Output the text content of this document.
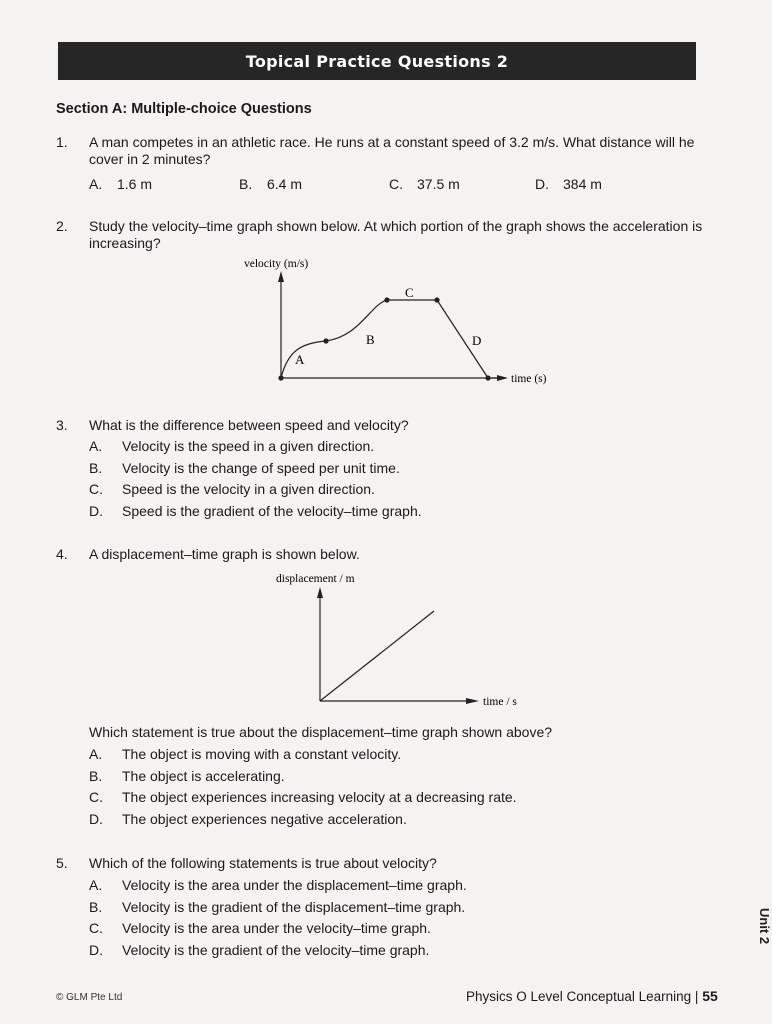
Topical Practice Questions 2
Section A: Multiple-choice Questions
1.	A man competes in an athletic race. He runs at a constant speed of 3.2 m/s. What distance will he cover in 2 minutes?
A. 1.6 m	B. 6.4 m	C. 37.5 m	D. 384 m
2.	Study the velocity–time graph shown below. At which portion of the graph shows the acceleration is increasing?
velocity (m/s)
time (s)
A
B
C
D
3.	What is the difference between speed and velocity?
A. Velocity is the speed in a given direction.
B. Velocity is the change of speed per unit time.
C. Speed is the velocity in a given direction.
D. Speed is the gradient of the velocity–time graph.
4.	A displacement–time graph is shown below.
displacement / m
time / s
Which statement is true about the displacement–time graph shown above?
A. The object is moving with a constant velocity.
B. The object is accelerating.
C. The object experiences increasing velocity at a decreasing rate.
D. The object experiences negative acceleration.
5.	Which of the following statements is true about velocity?
A. Velocity is the area under the displacement–time graph.
B. Velocity is the gradient of the displacement–time graph.
C. Velocity is the area under the velocity–time graph.
D. Velocity is the gradient of the velocity–time graph.
© GLM Pte Ltd	Physics O Level Conceptual Learning | 55
Unit 2
